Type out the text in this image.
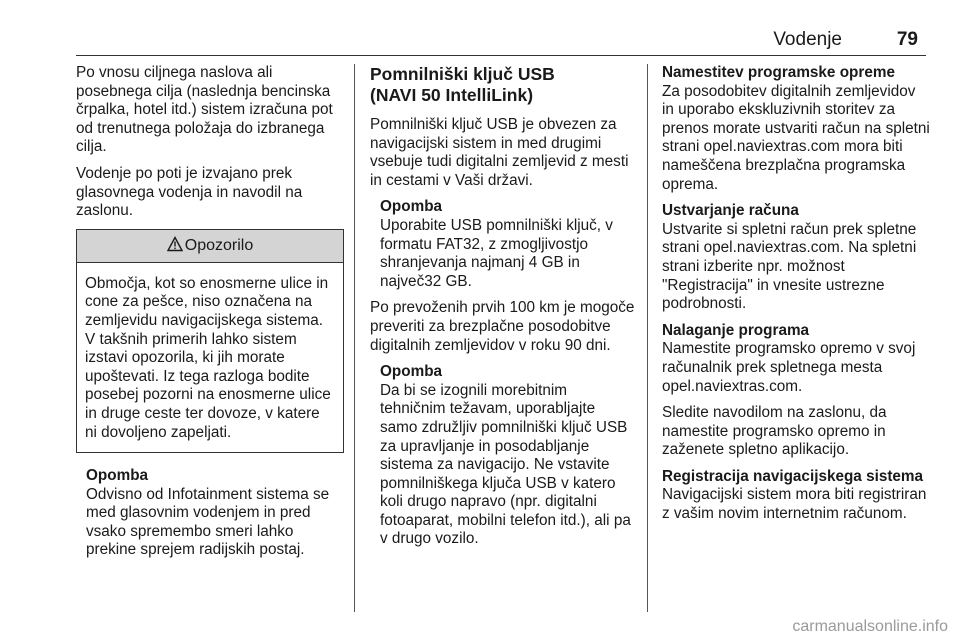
Vodenje	79

Po vnosu ciljnega naslova ali posebnega cilja (naslednja bencinska črpalka, hotel itd.) sistem izračuna pot od trenutnega položaja do izbranega cilja.

Vodenje po poti je izvajano prek glasovnega vodenja in navodil na zaslonu.

Opozorilo
Območja, kot so enosmerne ulice in cone za pešce, niso označena na zemljevidu navigacijskega sistema. V takšnih primerih lahko sistem izstavi opozorila, ki jih morate upoštevati. Iz tega razloga bodite posebej pozorni na enosmerne ulice in druge ceste ter dovoze, v katere ni dovoljeno zapeljati.
Opomba
Odvisno od Infotainment sistema se med glasovnim vodenjem in pred vsako spremembo smeri lahko prekine sprejem radijskih postaj.
Pomnilniški ključ USB
(NAVI 50 IntelliLink)

Pomnilniški ključ USB je obvezen za navigacijski sistem in med drugimi vsebuje tudi digitalni zemljevid z mesti in cestami v Vaši državi.

Opomba
Uporabite USB pomnilniški ključ, v formatu FAT32, z zmogljivostjo shranjevanja najmanj 4 GB in največ32 GB.

Po prevoženih prvih 100 km je mogoče preveriti za brezplačne posodobitve digitalnih zemljevidov v roku 90 dni.

Opomba
Da bi se izognili morebitnim tehničnim težavam, uporabljajte samo združljiv pomnilniški ključ USB za upravljanje in posodabljanje sistema za navigacijo. Ne vstavite pomnilniškega ključa USB v katero koli drugo napravo (npr. digitalni fotoaparat, mobilni telefon itd.), ali pa v drugo vozilo.
Namestitev programske opreme

Za posodobitev digitalnih zemljevidov in uporabo ekskluzivnih storitev za prenos morate ustvariti račun na spletni strani opel.naviextras.com mora biti nameščena brezplačna programska oprema.

Ustvarjanje računa

Ustvarite si spletni račun prek spletne strani opel.naviextras.com. Na spletni strani izberite npr. možnost "Registracija" in vnesite ustrezne podrobnosti.

Nalaganje programa

Namestite programsko opremo v svoj računalnik prek spletnega mesta opel.naviextras.com.

Sledite navodilom na zaslonu, da namestite programsko opremo in zaženete spletno aplikacijo.

Registracija navigacijskega sistema

Navigacijski sistem mora biti registriran z vašim novim internetnim računom.

carmanualsonline.info
